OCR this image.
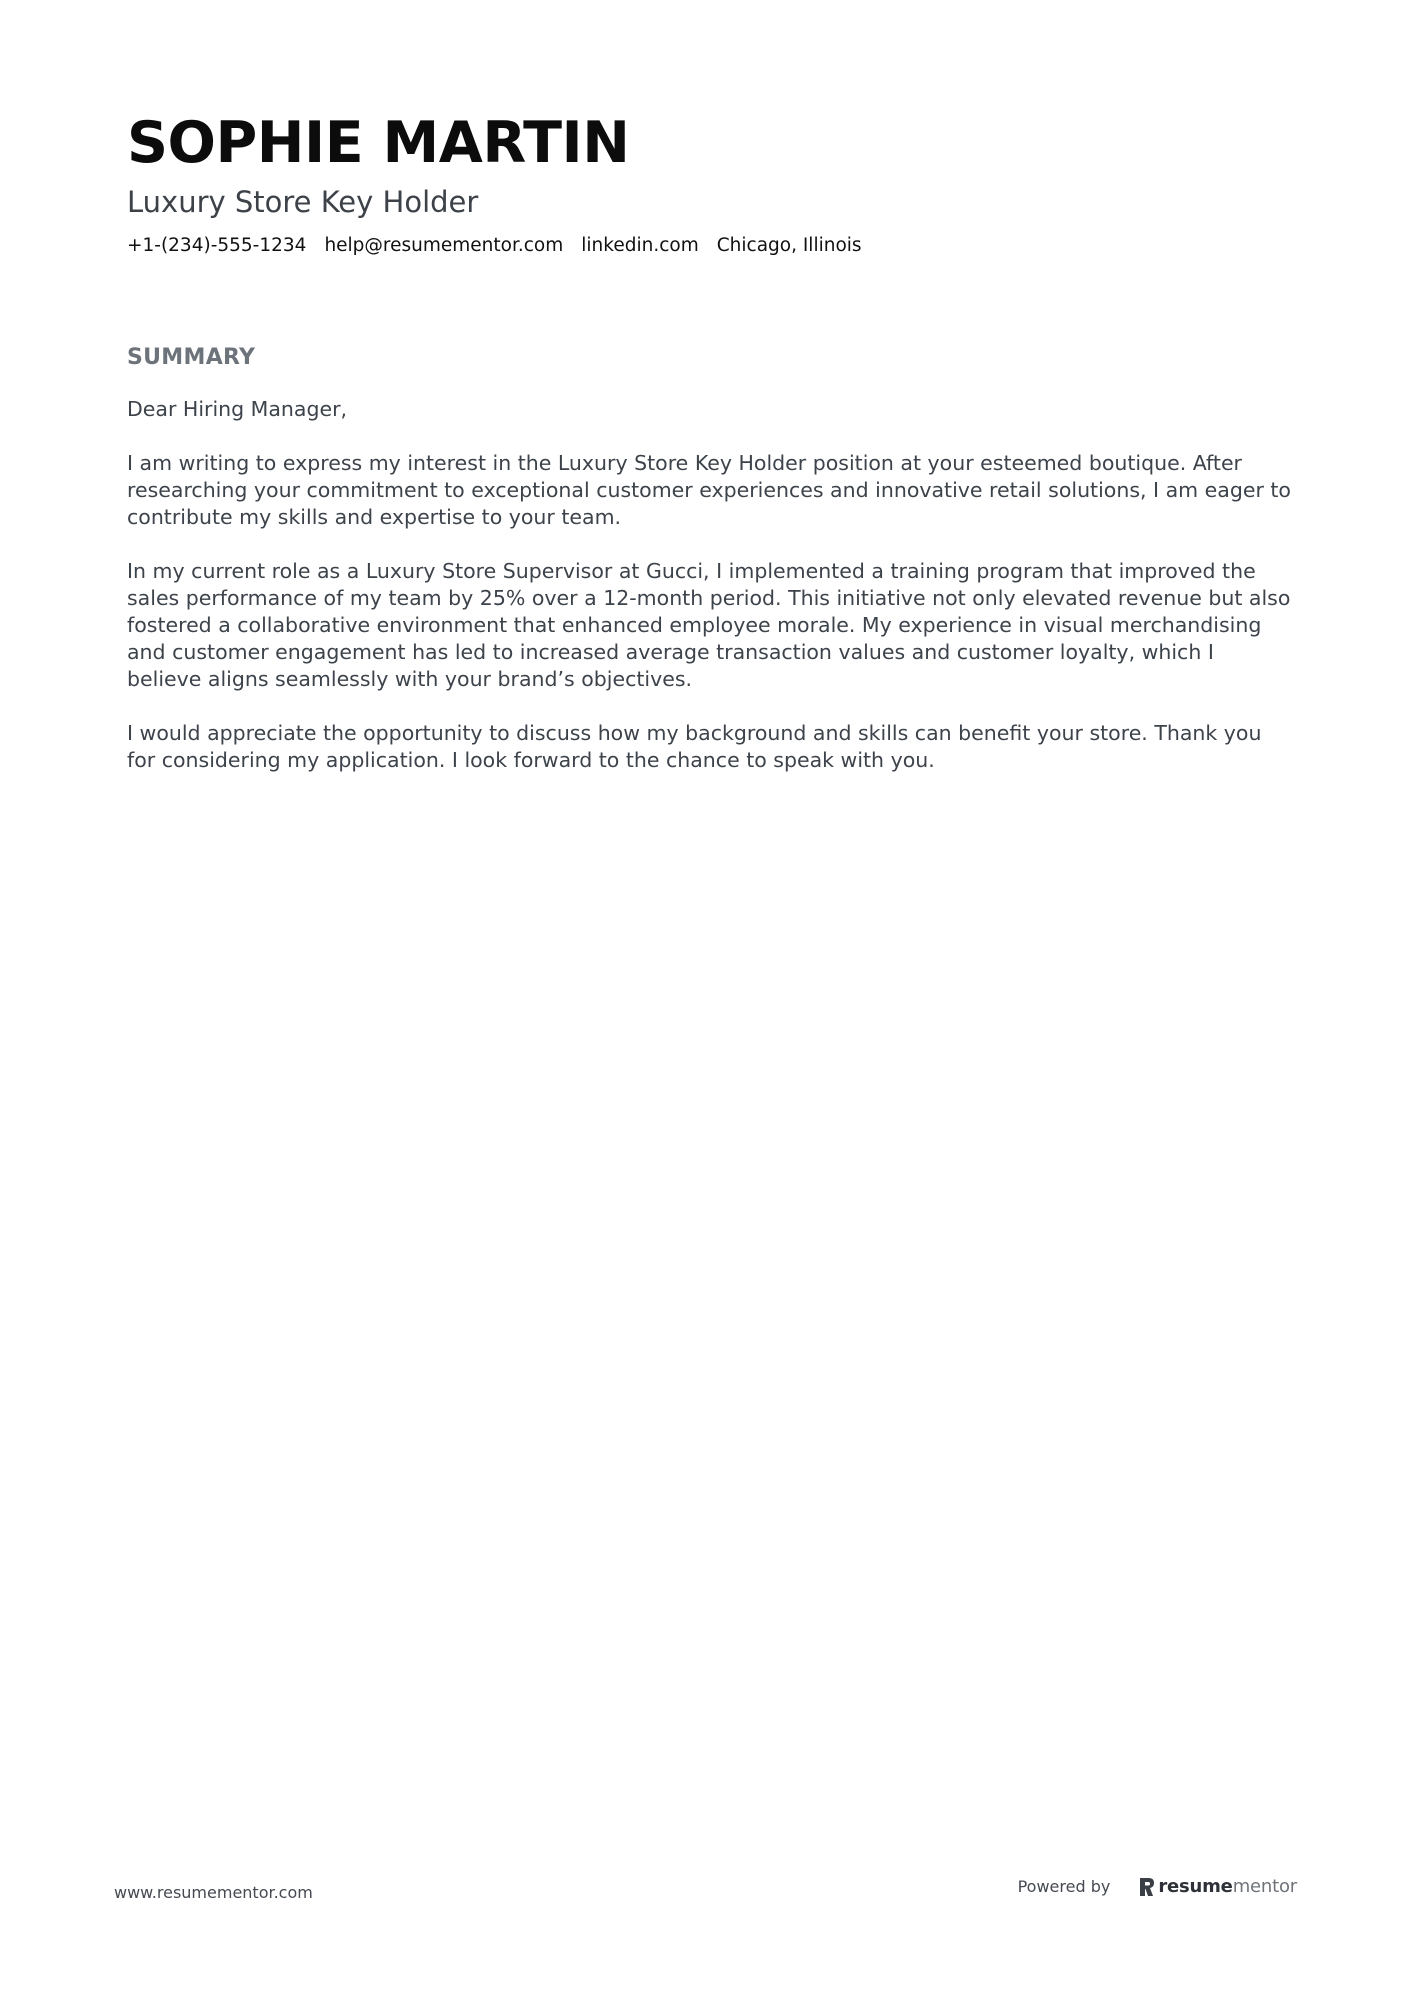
SOPHIE MARTIN
Luxury Store Key Holder
+1-(234)-555-1234 help@resumementor.com linkedin.com Chicago, Illinois
SUMMARY

Dear Hiring Manager,

I am writing to express my interest in the Luxury Store Key Holder position at your esteemed boutique. After researching your commitment to exceptional customer experiences and innovative retail solutions, I am eager to contribute my skills and expertise to your team.

In my current role as a Luxury Store Supervisor at Gucci, I implemented a training program that improved the sales performance of my team by 25% over a 12-month period. This initiative not only elevated revenue but also fostered a collaborative environment that enhanced employee morale. My experience in visual merchandising and customer engagement has led to increased average transaction values and customer loyalty, which I believe aligns seamlessly with your brand’s objectives.

I would appreciate the opportunity to discuss how my background and skills can benefit your store. Thank you for considering my application. I look forward to the chance to speak with you.

www.resumementor.com	Powered by	resumementor
